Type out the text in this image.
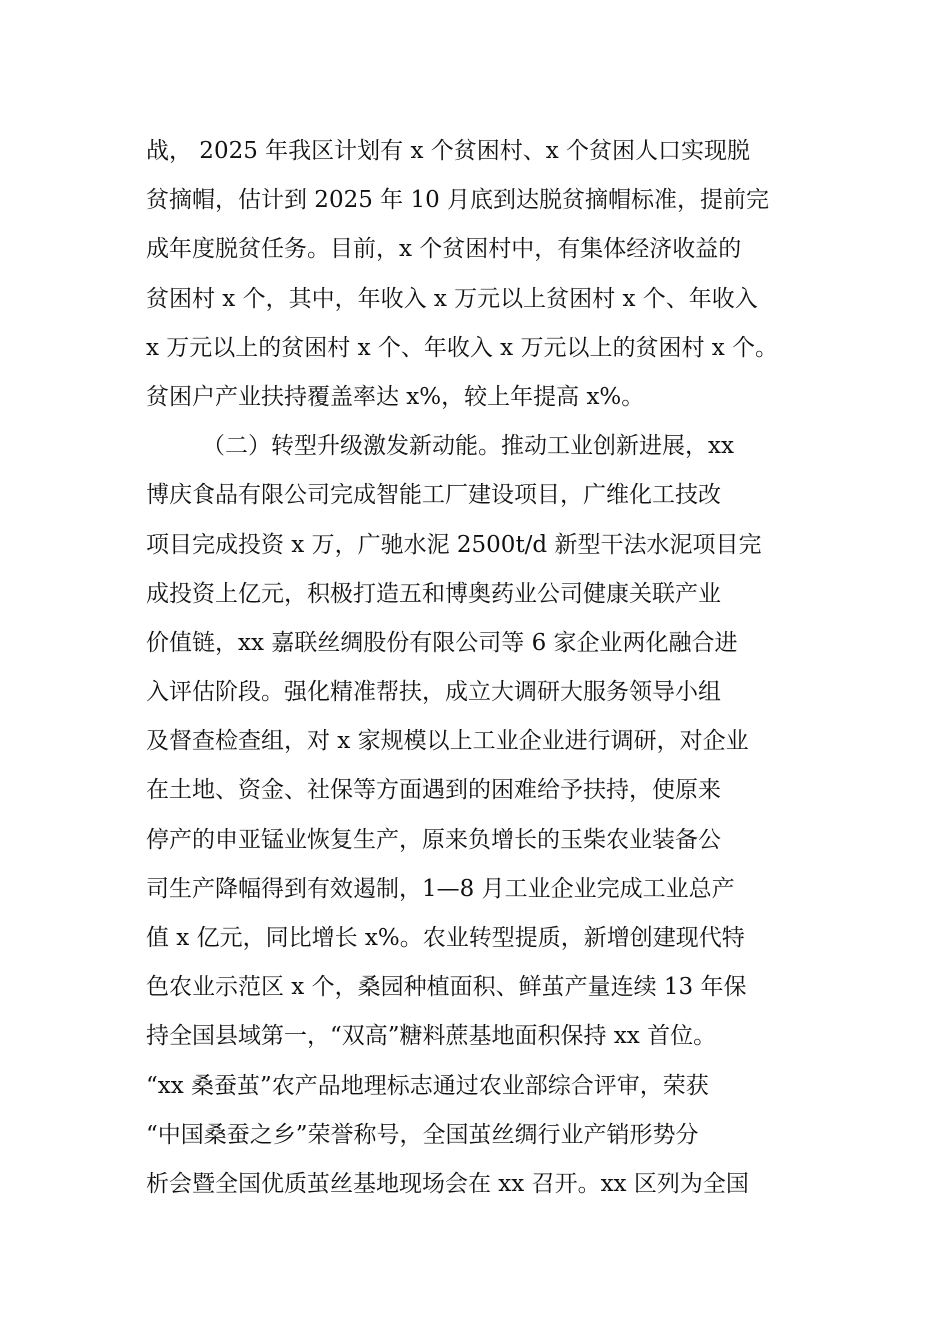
战， 2025 年我区计划有 x 个贫困村、x 个贫困人口实现脱
贫摘帽，估计到 2025 年 10 月底到达脱贫摘帽标准，提前完
成年度脱贫任务。目前，x 个贫困村中，有集体经济收益的
贫困村 x 个，其中，年收入 x 万元以上贫困村 x 个、年收入
x 万元以上的贫困村 x 个、年收入 x 万元以上的贫困村 x 个。
贫困户产业扶持覆盖率达 x%，较上年提高 x%。
（二）转型升级激发新动能。推动工业创新进展，xx
博庆食品有限公司完成智能工厂建设项目，广维化工技改
项目完成投资 x 万，广驰水泥 2500t/d 新型干法水泥项目完
成投资上亿元，积极打造五和博奥药业公司健康关联产业
价值链，xx 嘉联丝绸股份有限公司等 6 家企业两化融合进
入评估阶段。强化精准帮扶，成立大调研大服务领导小组
及督查检查组，对 x 家规模以上工业企业进行调研，对企业
在土地、资金、社保等方面遇到的困难给予扶持，使原来
停产的申亚锰业恢复生产，原来负增长的玉柴农业装备公
司生产降幅得到有效遏制，1—8 月工业企业完成工业总产
值 x 亿元，同比增长 x%。农业转型提质，新增创建现代特
色农业示范区 x 个，桑园种植面积、鲜茧产量连续 13 年保
持全国县域第一，“双高”糖料蔗基地面积保持 xx 首位。
“xx 桑蚕茧”农产品地理标志通过农业部综合评审，荣获
“中国桑蚕之乡”荣誉称号，全国茧丝绸行业产销形势分
析会暨全国优质茧丝基地现场会在 xx 召开。xx 区列为全国
